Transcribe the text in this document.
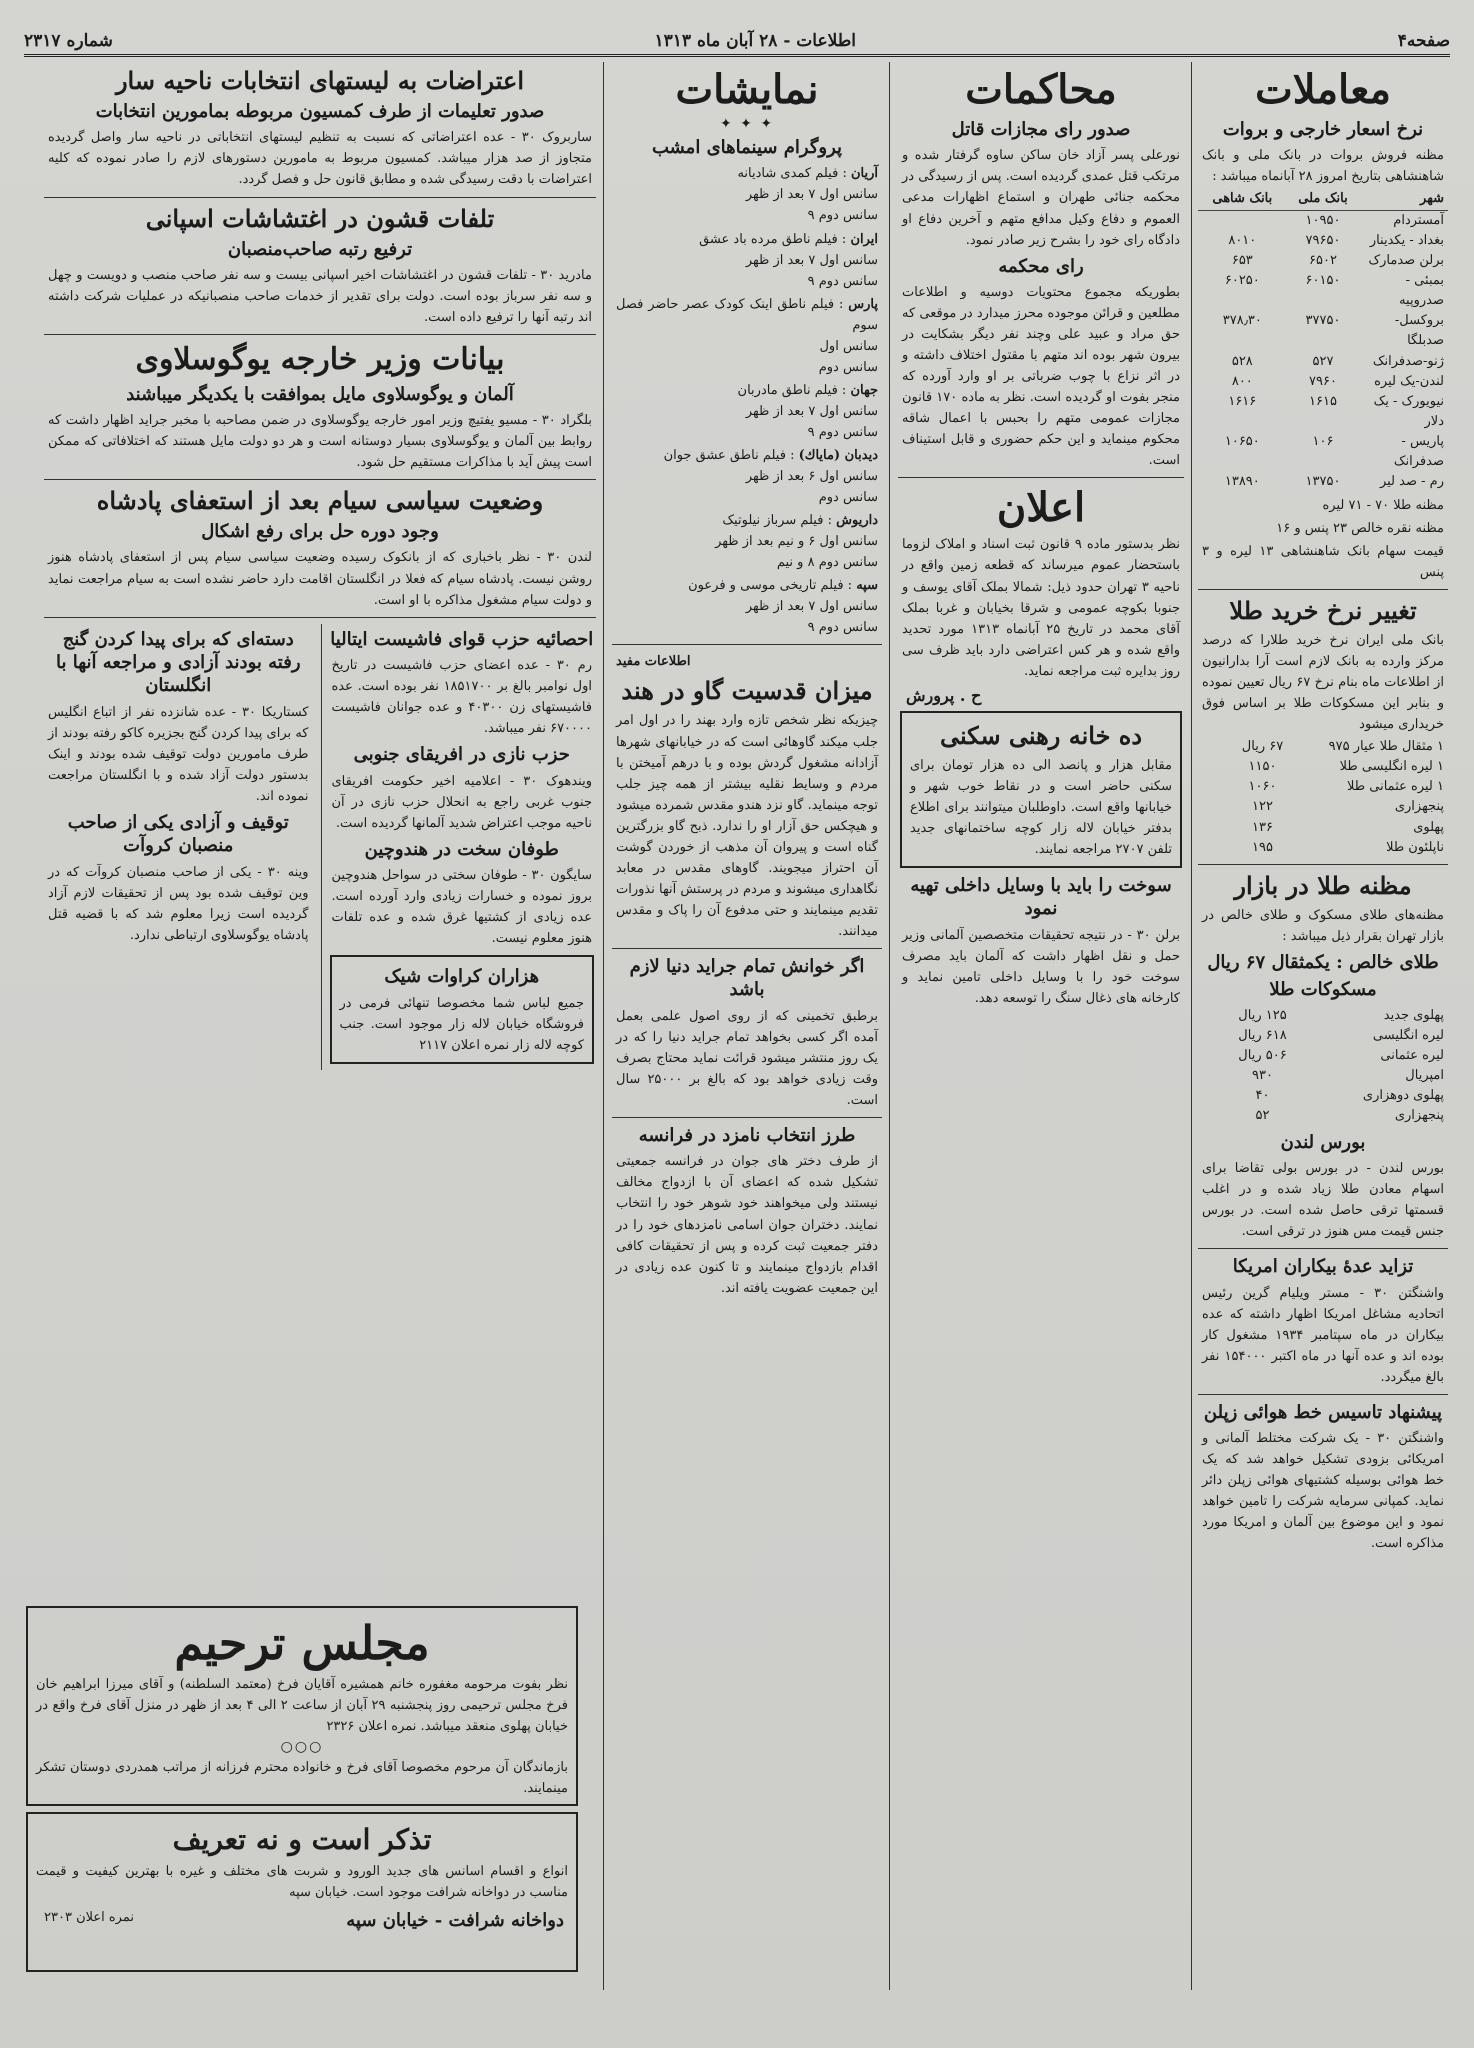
صفحه۴
اطلاعات - ۲۸ آبان ماه ۱۳۱۳
شماره ۲۳۱۷
معاملات
نرخ اسعار خارجی و بروات
مظنه فروش بروات در بانک ملی و بانک شاهنشاهی بتاریخ امروز ۲۸ آبانماه میباشد :
شهر
بانک ملی
بانک شاهی
آمستردام
۱۰۹۵۰
بغداد - یکدینار
۷۹۶۵۰
۸۰۱۰
برلن صدمارک
۶۵۰۲
۶۵۳
بمبئی - صدروپیه
۶۰۱۵۰
۶۰۲۵۰
بروکسل-صدبلگا
۳۷۷۵۰
۳۷۸٫۳۰
ژنو-صدفرانک
۵۲۷
۵۲۸
لندن-یک لیره
۷۹۶۰
۸۰۰
نیویورک - یک دلار
۱۶۱۵
۱۶۱۶
پاریس - صدفرانک
۱۰۶
۱۰۶۵۰
رم - صد لیر
۱۳۷۵۰
۱۳۸۹۰
مظنه طلا ۷۰ - ۷۱ لیره
مظنه نقره خالص ۲۳ پنس و ۱۶
قیمت سهام بانک شاهنشاهی ۱۳ لیره و ۳ پنس
تغییر نرخ خرید طلا
بانک ملی ایران نرخ خرید طلارا که درصد مرکز وارده به بانک لازم است آرا بدارانیون از اطلاعات ماه بنام نرخ ۶۷ ریال تعیین نموده و بنابر این مسکوکات طلا بر اساس فوق خریداری میشود
۱ مثقال طلا عیار ۹۷۵
۶۷ ریال
۱ لیره انگلیسی طلا
۱۱۵۰
۱ لیره عثمانی طلا
۱۰۶۰
پنجهزاری
۱۲۲
پهلوی
۱۳۶
ناپلئون طلا
۱۹۵
مظنه طلا در بازار
مظنه‌های طلای مسکوک و طلای خالص در بازار تهران بقرار ذیل میباشد :
طلای خالص : یکمثقال ۶۷ ریال
مسکوکات طلا
پهلوی جدید
۱۲۵ ریال
لیره انگلیسی
۶۱۸ ریال
لیره عثمانی
۵۰۶ ریال
امپریال
۹۳۰
پهلوی دوهزاری
۴۰
پنجهزاری
۵۲
بورس لندن
بورس لندن - در بورس بولی تقاضا برای اسهام معادن طلا زیاد شده و در اغلب قسمتها ترقی حاصل شده است. در بورس جنس قیمت مس هنوز در ترقی است.
تزاید عدهٔ بیکاران امریکا
واشنگتن ۳۰ - مستر ویلیام گرین رئیس اتحادیه مشاغل امریکا اظهار داشته که عده بیکاران در ماه سپتامبر ۱۹۳۴ مشغول کار بوده اند و عده آنها در ماه اکتبر ۱۵۴۰۰۰ نفر بالغ میگردد.
پیشنهاد تاسیس خط هوائی زپلن
واشنگتن ۳۰ - یک شرکت مختلط آلمانی و امریکائی بزودی تشکیل خواهد شد که یک خط هوائی بوسیله کشتیهای هوائی زپلن دائر نماید. کمپانی سرمایه شرکت را تامین خواهد نمود و این موضوع بین آلمان و امریکا مورد مذاکره است.
محاکمات
صدور رای مجازات قاتل
نورعلی پسر آزاد خان ساکن ساوه گرفتار شده و مرتکب قتل عمدی گردیده است. پس از رسیدگی در محکمه جنائی طهران و استماع اظهارات مدعی العموم و دفاع وکیل مدافع متهم و آخرین دفاع او دادگاه رای خود را بشرح زیر صادر نمود.
رای محکمه
بطوریکه مجموع محتویات دوسیه و اطلاعات مطلعین و قرائن موجوده محرز میدارد در موقعی که حق مراد و عبید علی وچند نفر دیگر بشکایت در بیرون شهر بوده اند متهم با مقتول اختلاف داشته و در اثر نزاع با چوب ضرباتی بر او وارد آورده که منجر بفوت او گردیده است. نظر به ماده ۱۷۰ قانون مجازات عمومی متهم را بحبس با اعمال شاقه محکوم مینماید و این حکم حضوری و قابل استیناف است.
اعلان
نظر بدستور ماده ۹ قانون ثبت اسناد و املاک لزوما باستحضار عموم میرساند که قطعه زمین واقع در ناحیه ۳ تهران حدود ذیل: شمالا بملک آقای یوسف و جنوبا بکوچه عمومی و شرقا بخیابان و غربا بملک آقای محمد در تاریخ ۲۵ آبانماه ۱۳۱۳ مورد تحدید واقع شده و هر کس اعتراضی دارد باید ظرف سی روز بدایره ثبت مراجعه نماید.
ح . پرورش
ده خانه رهنی سکنی
مقابل هزار و پانصد الی ده هزار تومان برای سکنی حاضر است و در نقاط خوب شهر و خیابانها واقع است. داوطلبان میتوانند برای اطلاع بدفتر خیابان لاله زار کوچه ساختمانهای جدید تلفن ۲۷۰۷ مراجعه نمایند.
سوخت را باید با وسایل داخلی تهیه نمود
برلن ۳۰ - در نتیجه تحقیقات متخصصین آلمانی وزیر حمل و نقل اظهار داشت که آلمان باید مصرف سوخت خود را با وسایل داخلی تامین نماید و کارخانه های ذغال سنگ را توسعه دهد.
نمایشات
✦ ✦ ✦
پروگرام سینماهای امشب
آریان : فیلم کمدی شادیانه
سانس اول ۷ بعد از ظهر
سانس دوم ۹
ایران : فیلم ناطق مرده باد عشق
سانس اول ۷ بعد از ظهر
سانس دوم ۹
پارس : فیلم ناطق اینک کودک عصر حاضر فصل سوم
سانس اول
سانس دوم
جهان : فیلم ناطق مادربان
سانس اول ۷ بعد از ظهر
سانس دوم ۹
دیدبان (ماياك) : فیلم ناطق عشق جوان
سانس اول ۶ بعد از ظهر
سانس دوم
داریوش : فیلم سرباز نیلوتیک
سانس اول ۶ و نیم بعد از ظهر
سانس دوم ۸ و نیم
سپه : فیلم تاریخی موسی و فرعون
سانس اول ۷ بعد از ظهر
سانس دوم ۹
اطلاعات مفید
میزان قدسیت گاو در هند
چیزیکه نظر شخص تازه وارد بهند را در اول امر جلب میکند گاوهائی است که در خیابانهای شهرها آزادانه مشغول گردش بوده و با درهم آمیختن با مردم و وسایط نقلیه بیشتر از همه چیز جلب توجه مینماید. گاو نزد هندو مقدس شمرده میشود و هیچکس حق آزار او را ندارد. ذبح گاو بزرگترین گناه است و پیروان آن مذهب از خوردن گوشت آن احتراز میجویند. گاوهای مقدس در معابد نگاهداری میشوند و مردم در پرستش آنها نذورات تقدیم مینمایند و حتی مدفوع آن را پاک و مقدس میدانند.
اگر خوانش تمام جراید دنیا لازم باشد
برطبق تخمینی که از روی اصول علمی بعمل آمده اگر کسی بخواهد تمام جراید دنیا را که در یک روز منتشر میشود قرائت نماید محتاج بصرف وقت زیادی خواهد بود که بالغ بر ۲۵۰۰۰ سال است.
طرز انتخاب نامزد در فرانسه
از طرف دختر های جوان در فرانسه جمعیتی تشکیل شده که اعضای آن با ازدواج مخالف نیستند ولی میخواهند خود شوهر خود را انتخاب نمایند. دختران جوان اسامی نامزدهای خود را در دفتر جمعیت ثبت کرده و پس از تحقیقات کافی اقدام بازدواج مینمایند و تا کنون عده زیادی در این جمعیت عضویت یافته اند.
اعتراضات به لیستهای انتخابات ناحیه سار
صدور تعلیمات از طرف کمسیون مربوطه بمامورین انتخابات
ساربروک ۳۰ - عده اعتراضاتی که نسبت به تنظیم لیستهای انتخاباتی در ناحیه سار واصل گردیده متجاوز از صد هزار میباشد. کمسیون مربوط به مامورین دستورهای لازم را صادر نموده که کلیه اعتراضات با دقت رسیدگی شده و مطابق قانون حل و فصل گردد.
تلفات قشون در اغتشاشات اسپانی
ترفیع رتبه صاحب‌منصبان
مادرید ۳۰ - تلفات قشون در اغتشاشات اخیر اسپانی بیست و سه نفر صاحب منصب و دویست و چهل و سه نفر سرباز بوده است. دولت برای تقدیر از خدمات صاحب منصبانیکه در عملیات شرکت داشته اند رتبه آنها را ترفیع داده است.
بیانات وزیر خارجه یوگوسلاوی
آلمان و یوگوسلاوی مایل بموافقت با یکدیگر میباشند
بلگراد ۳۰ - مسیو یفتیچ وزیر امور خارجه یوگوسلاوی در ضمن مصاحبه با مخبر جراید اظهار داشت که روابط بین آلمان و یوگوسلاوی بسیار دوستانه است و هر دو دولت مایل هستند که اختلافاتی که ممکن است پیش آید با مذاکرات مستقیم حل شود.
وضعیت سیاسی سیام بعد از استعفای پادشاه
وجود دوره حل برای رفع اشکال
لندن ۳۰ - نظر باخباری که از بانکوک رسیده وضعیت سیاسی سیام پس از استعفای پادشاه هنوز روشن نیست. پادشاه سیام که فعلا در انگلستان اقامت دارد حاضر نشده است به سیام مراجعت نماید و دولت سیام مشغول مذاکره با او است.
احصائیه حزب قوای فاشیست ایتالیا
رم ۳۰ - عده اعضای حزب فاشیست در تاریخ اول نوامبر بالغ بر ۱۸۵۱۷۰۰ نفر بوده است. عده فاشیستهای زن ۴۰۳۰۰ و عده جوانان فاشیست ۶۷۰۰۰۰ نفر میباشد.
حزب نازی در افریقای جنوبی
ویندهوک ۳۰ - اعلامیه اخیر حکومت افریقای جنوب غربی راجع به انحلال حزب نازی در آن ناحیه موجب اعتراض شدید آلمانها گردیده است.
طوفان سخت در هندوچین
سایگون ۳۰ - طوفان سختی در سواحل هندوچین بروز نموده و خسارات زیادی وارد آورده است. عده زیادی از کشتیها غرق شده و عده تلفات هنوز معلوم نیست.
هزاران کراوات شیک
جمیع لباس شما مخصوصا تنهائی فرمی در فروشگاه خیابان لاله زار موجود است. جنب کوچه لاله زار نمره اعلان ۲۱۱۷
دسته‌ای که برای پیدا کردن گنج رفته بودند آزادی و مراجعه آنها با انگلستان
کستاریکا ۳۰ - عده شانزده نفر از اتباع انگلیس که برای پیدا کردن گنج بجزیره کاکو رفته بودند از طرف مامورین دولت توقیف شده بودند و اینک بدستور دولت آزاد شده و با انگلستان مراجعت نموده اند.
توقیف و آزادی یکی از صاحب منصبان کروآت
وینه ۳۰ - یکی از صاحب منصبان کروآت که در وین توقیف شده بود پس از تحقیقات لازم آزاد گردیده است زیرا معلوم شد که با قضیه قتل پادشاه یوگوسلاوی ارتباطی ندارد.
مجلس ترحیم
نظر بفوت مرحومه مغفوره خانم همشیره آقایان فرخ (معتمد السلطنه) و آقای میرزا ابراهیم خان فرخ مجلس ترحیمی روز پنجشنبه ۲۹ آبان از ساعت ۲ الی ۴ بعد از ظهر در منزل آقای فرخ واقع در خیابان پهلوی منعقد میباشد. نمره اعلان ۲۳۲۶
○○○
بازماندگان آن مرحوم مخصوصا آقای فرخ و خانواده محترم فرزانه از مراتب همدردی دوستان تشکر مینمایند.
تذکر است و نه تعریف
انواع و اقسام اسانس های جدید الورود و شربت های مختلف و غیره با بهترین کیفیت و قیمت مناسب در دواخانه شرافت موجود است. خیابان سپه
دواخانه شرافت - خیابان سپه
نمره اعلان ۲۳۰۳
